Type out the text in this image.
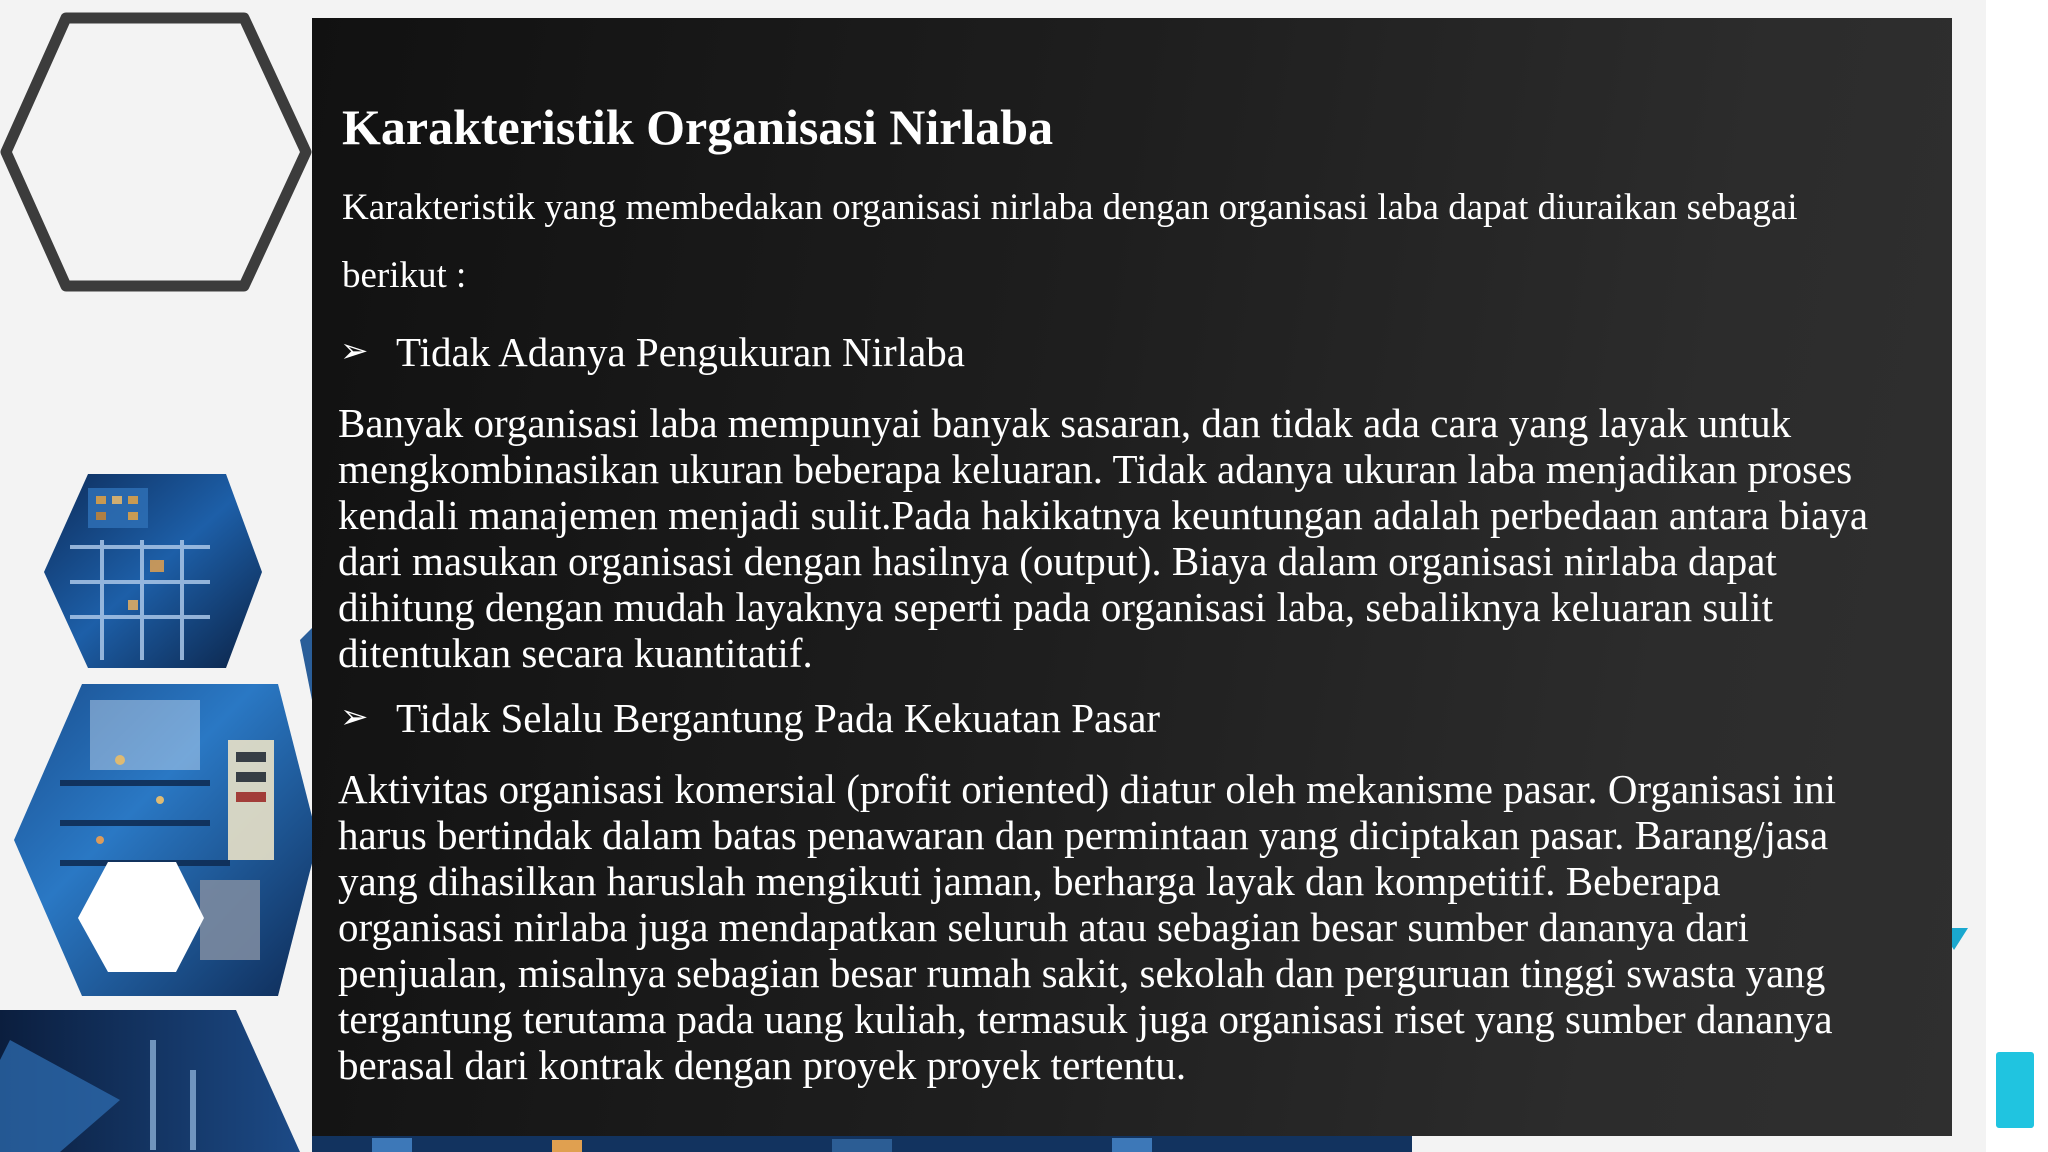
Karakteristik Organisasi Nirlaba
Karakteristik yang membedakan organisasi nirlaba dengan organisasi laba dapat diuraikan sebagai
berikut :
➢ Tidak Adanya Pengukuran Nirlaba
Banyak organisasi laba mempunyai banyak sasaran, dan tidak ada cara yang layak untuk
mengkombinasikan ukuran beberapa keluaran. Tidak adanya ukuran laba menjadikan proses
kendali manajemen menjadi sulit.Pada hakikatnya keuntungan adalah perbedaan antara biaya
dari masukan organisasi dengan hasilnya (output). Biaya dalam organisasi nirlaba dapat
dihitung dengan mudah layaknya seperti pada organisasi laba, sebaliknya keluaran sulit
ditentukan secara kuantitatif.
➢ Tidak Selalu Bergantung Pada Kekuatan Pasar
Aktivitas organisasi komersial (profit oriented) diatur oleh mekanisme pasar. Organisasi ini
harus bertindak dalam batas penawaran dan permintaan yang diciptakan pasar. Barang/jasa
yang dihasilkan haruslah mengikuti jaman, berharga layak dan kompetitif. Beberapa
organisasi nirlaba juga mendapatkan seluruh atau sebagian besar sumber dananya dari
penjualan, misalnya sebagian besar rumah sakit, sekolah dan perguruan tinggi swasta yang
tergantung terutama pada uang kuliah, termasuk juga organisasi riset yang sumber dananya
berasal dari kontrak dengan proyek proyek tertentu.
